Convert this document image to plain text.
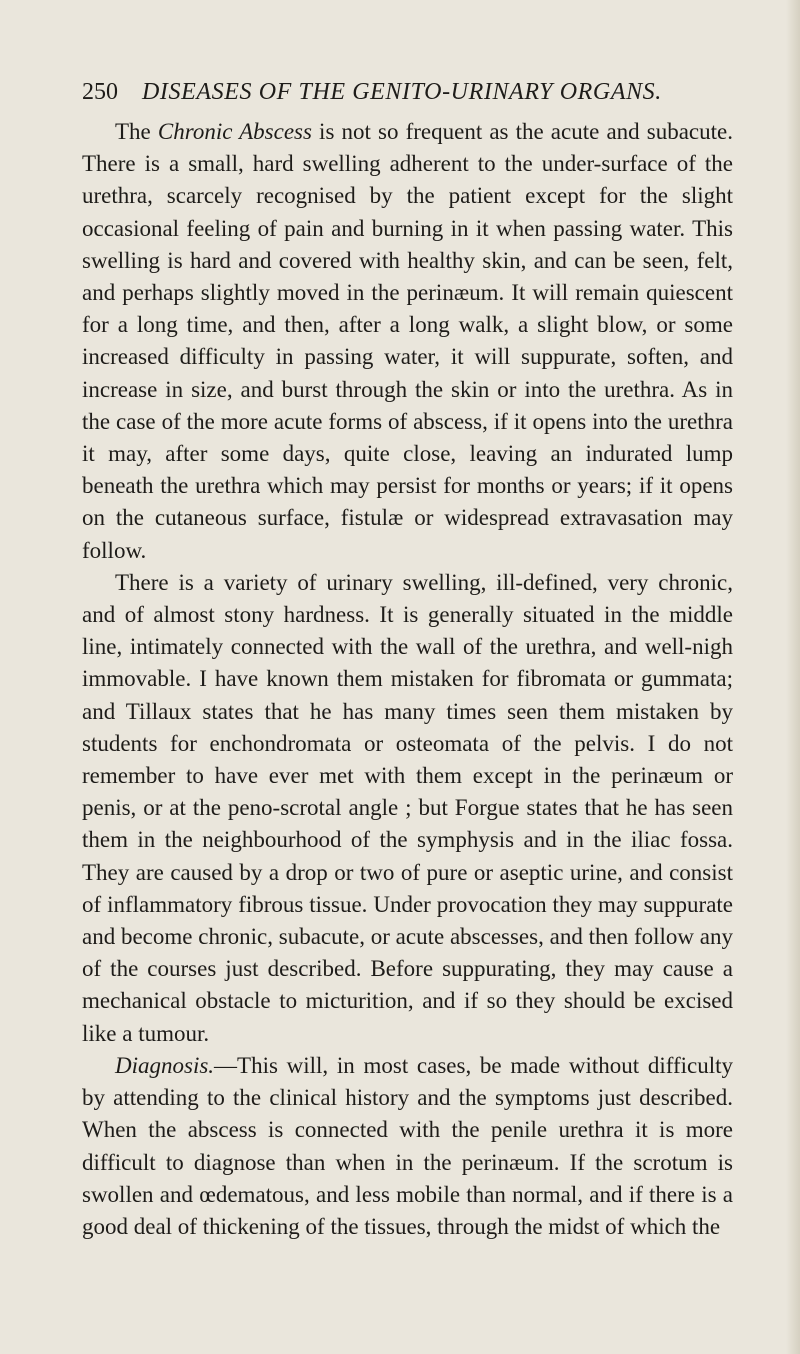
250 DISEASES OF THE GENITO-URINARY ORGANS.

The Chronic Abscess is not so frequent as the acute and subacute. There is a small, hard swelling adherent to the under-surface of the urethra, scarcely recognised by the patient except for the slight occasional feeling of pain and burning in it when passing water. This swelling is hard and covered with healthy skin, and can be seen, felt, and perhaps slightly moved in the perinæum. It will remain quiescent for a long time, and then, after a long walk, a slight blow, or some increased difficulty in passing water, it will suppurate, soften, and increase in size, and burst through the skin or into the urethra. As in the case of the more acute forms of abscess, if it opens into the urethra it may, after some days, quite close, leaving an indurated lump beneath the urethra which may persist for months or years; if it opens on the cutaneous surface, fistulæ or widespread extravasation may follow.

There is a variety of urinary swelling, ill-defined, very chronic, and of almost stony hardness. It is generally situated in the middle line, intimately connected with the wall of the urethra, and well-nigh immovable. I have known them mistaken for fibromata or gummata; and Tillaux states that he has many times seen them mistaken by students for enchondromata or osteomata of the pelvis. I do not remember to have ever met with them except in the perinæum or penis, or at the peno-scrotal angle ; but Forgue states that he has seen them in the neighbourhood of the symphysis and in the iliac fossa. They are caused by a drop or two of pure or aseptic urine, and consist of inflammatory fibrous tissue. Under provocation they may suppurate and become chronic, subacute, or acute abscesses, and then follow any of the courses just described. Before suppurating, they may cause a mechanical obstacle to micturition, and if so they should be excised like a tumour.

Diagnosis.—This will, in most cases, be made without difficulty by attending to the clinical history and the symptoms just described. When the abscess is connected with the penile urethra it is more difficult to diagnose than when in the perinæum. If the scrotum is swollen and œdematous, and less mobile than normal, and if there is a good deal of thickening of the tissues, through the midst of which the
